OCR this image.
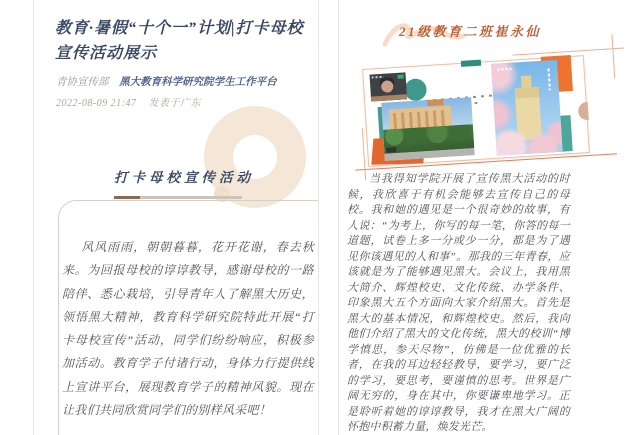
教育·暑假“十个一”计划|打卡母校宣传活动展示
青协宣传部 黑大教育科学研究院学生工作平台
2022-08-09 21:47 发表于广东
打卡母校宣传活动
风风雨雨，朝朝暮暮，花开花谢，春去秋来。为回报母校的谆谆教导，感谢母校的一路陪伴、悉心栽培，引导青年人了解黑大历史，领悟黑大精神，教育科学研究院特此开展“打卡母校宣传”活动，同学们纷纷响应，积极参加活动。教育学子付诸行动，身体力行提供线上宣讲平台，展现教育学子的精神风貌。现在让我们共同欣赏同学们的别样风采吧！
21级教育二班崔永仙
当我得知学院开展了宣传黑大活动的时候，我欣喜于有机会能够去宣传自己的母校。我和她的遇见是一个很奇妙的故事，有人说：“为考上，你写的每一笔，你答的每一道题，试卷上多一分或少一分，都是为了遇见你该遇见的人和事”。那我的三年青春，应该就是为了能够遇见黑大。会议上，我用黑大简介、辉煌校史、文化传统、办学条件、印象黑大五个方面向大家介绍黑大。首先是黑大的基本情况，和辉煌校史。然后，我向他们介绍了黑大的文化传统，黑大的校训“博学慎思，参天尽物”，仿佛是一位优雅的长者，在我的耳边轻轻教导，要学习，要广泛的学习，要思考，要谨慎的思考。世界是广阔无穷的，身在其中，你要谦卑地学习。正是聆听着她的谆谆教导，我才在黑大广阔的怀抱中积蓄力量，焕发光芒。
